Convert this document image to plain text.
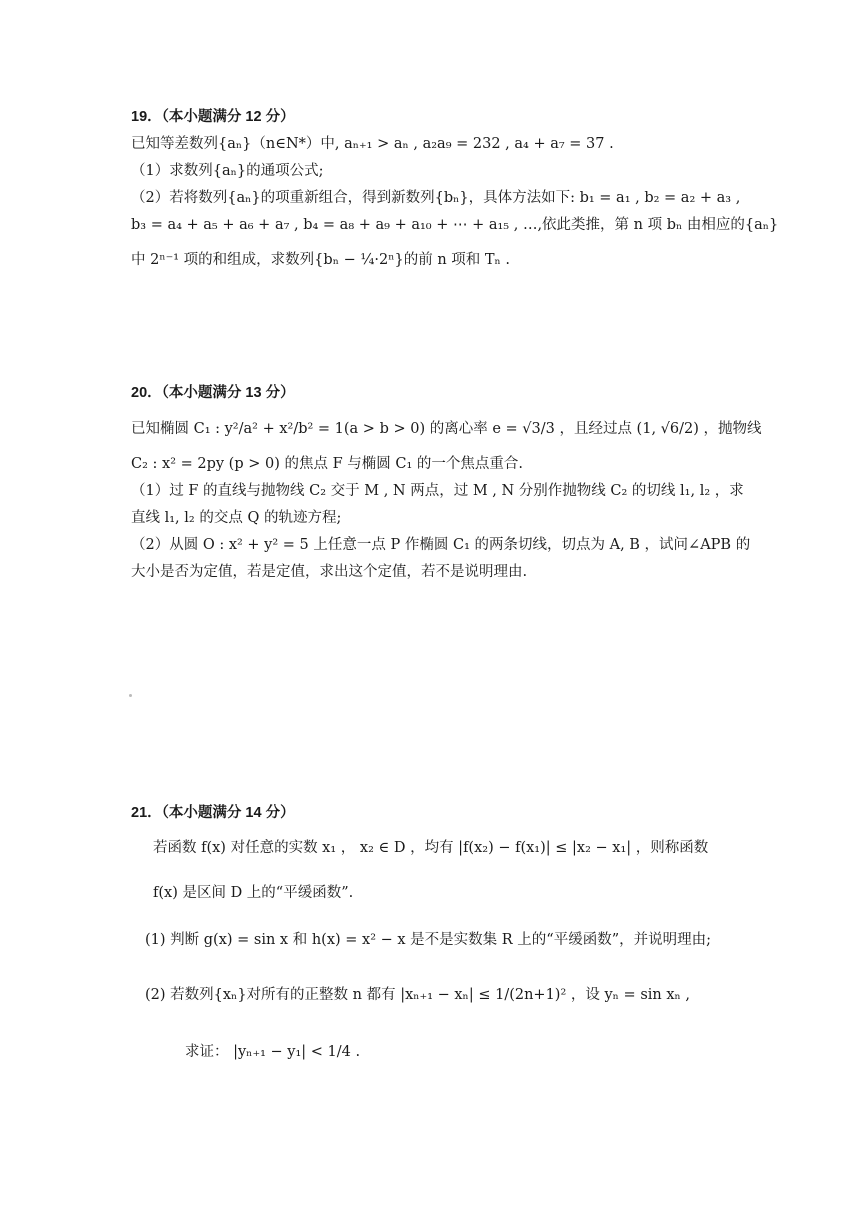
19．（本小题满分 12 分）
已知等差数列{aₙ}（n∈N*）中, aₙ₊₁ > aₙ , a₂a₉ = 232 , a₄ + a₇ = 37 .
（1）求数列{aₙ}的通项公式;
（2）若将数列{aₙ}的项重新组合，得到新数列{bₙ}，具体方法如下: b₁ = a₁ , b₂ = a₂ + a₃ ,
b₃ = a₄ + a₅ + a₆ + a₇ , b₄ = a₈ + a₉ + a₁₀ + ⋯ + a₁₅ , …,依此类推，第 n 项 bₙ 由相应的{aₙ}
中 2ⁿ⁻¹ 项的和组成，求数列{bₙ − ¼·2ⁿ}的前 n 项和 Tₙ .
20．（本小题满分 13 分）
已知椭圆 C₁ : y²/a² + x²/b² = 1(a > b > 0) 的离心率 e = √3/3 ，且经过点 (1, √6/2) ，抛物线
C₂ : x² = 2py (p > 0) 的焦点 F 与椭圆 C₁ 的一个焦点重合.
（1）过 F 的直线与抛物线 C₂ 交于 M , N 两点，过 M , N 分别作抛物线 C₂ 的切线 l₁, l₂ ，求
直线 l₁, l₂ 的交点 Q 的轨迹方程;
（2）从圆 O : x² + y² = 5 上任意一点 P 作椭圆 C₁ 的两条切线，切点为 A, B ，试问∠APB 的
大小是否为定值，若是定值，求出这个定值，若不是说明理由.
21．（本小题满分 14 分）
若函数 f(x) 对任意的实数 x₁ ， x₂ ∈ D ，均有 |f(x₂) − f(x₁)| ≤ |x₂ − x₁| ，则称函数
f(x) 是区间 D 上的“平缓函数”.
(1) 判断 g(x) = sin x 和 h(x) = x² − x 是不是实数集 R 上的“平缓函数”，并说明理由;
(2) 若数列{xₙ}对所有的正整数 n 都有 |xₙ₊₁ − xₙ| ≤ 1/(2n+1)² ，设 yₙ = sin xₙ ,
求证： |yₙ₊₁ − y₁| < 1/4 .
